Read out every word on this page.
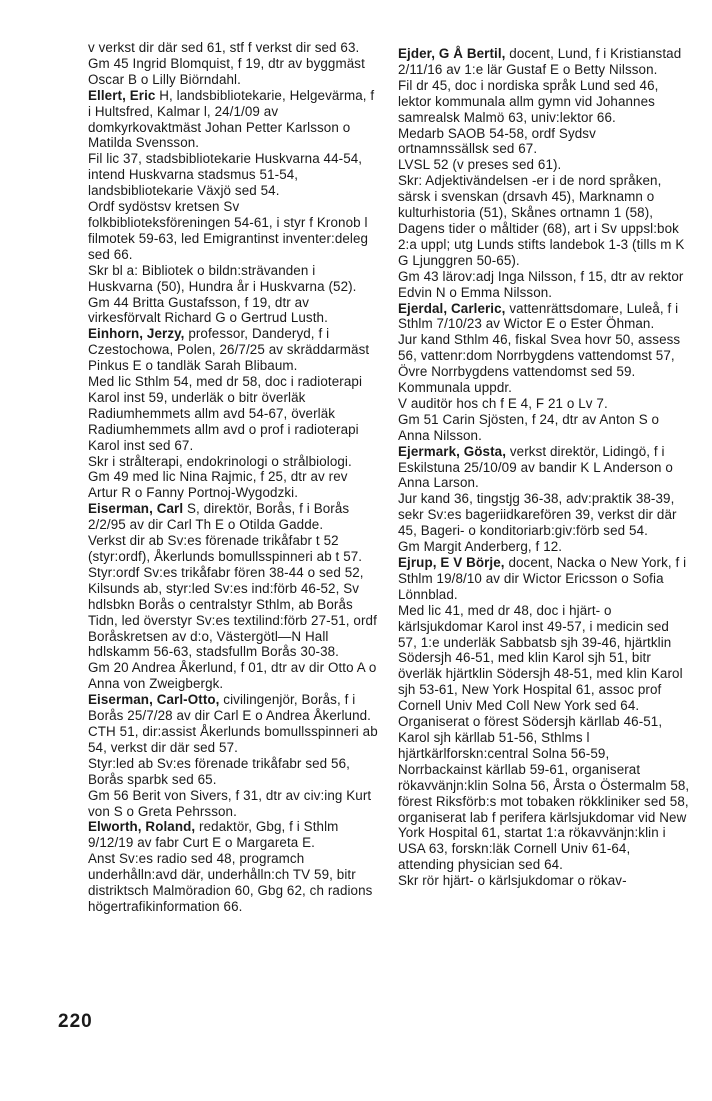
v verkst dir där sed 61, stf f verkst dir sed 63.
Gm 45 Ingrid Blomquist, f 19, dtr av byggmäst Oscar B o Lilly Biörndahl.
Ellert, Eric H, landsbibliotekarie, Helgevärma, f i Hultsfred, Kalmar l, 24/1/09 av domkyrkovaktmäst Johan Petter Karlsson o Matilda Svensson.
Fil lic 37, stadsbibliotekarie Huskvarna 44-54, intend Huskvarna stadsmus 51-54, landsbibliotekarie Växjö sed 54.
Ordf sydöstsv kretsen Sv folkbiblioteksföreningen 54-61, i styr f Kronob l filmotek 59-63, led Emigrantinst inventer:deleg sed 66.
Skr bl a: Bibliotek o bildn:strävanden i Huskvarna (50), Hundra år i Huskvarna (52).
Gm 44 Britta Gustafsson, f 19, dtr av virkesförvalt Richard G o Gertrud Lusth.
Einhorn, Jerzy, professor, Danderyd, f i Czestochowa, Polen, 26/7/25 av skräddarmäst Pinkus E o tandläk Sarah Blibaum.
Med lic Sthlm 54, med dr 58, doc i radioterapi Karol inst 59, underläk o bitr överläk Radiumhemmets allm avd 54-67, överläk Radiumhemmets allm avd o prof i radioterapi Karol inst sed 67.
Skr i strålterapi, endokrinologi o strålbiologi.
Gm 49 med lic Nina Rajmic, f 25, dtr av rev Artur R o Fanny Portnoj-Wygodzki.
Eiserman, Carl S, direktör, Borås, f i Borås 2/2/95 av dir Carl Th E o Otilda Gadde.
Verkst dir ab Sv:es förenade trikåfabr t 52 (styr:ordf), Åkerlunds bomullsspinneri ab t 57.
Styr:ordf Sv:es trikåfabr fören 38-44 o sed 52, Kilsunds ab, styr:led Sv:es ind:förb 46-52, Sv hdlsbkn Borås o centralstyr Sthlm, ab Borås Tidn, led överstyr Sv:es textilind:förb 27-51, ordf Boråskretsen av d:o, Västergötl—N Hall hdlskamm 56-63, stadsfullm Borås 30-38.
Gm 20 Andrea Åkerlund, f 01, dtr av dir Otto A o Anna von Zweigbergk.
Eiserman, Carl-Otto, civilingenjör, Borås, f i Borås 25/7/28 av dir Carl E o Andrea Åkerlund.
CTH 51, dir:assist Åkerlunds bomullsspinneri ab 54, verkst dir där sed 57.
Styr:led ab Sv:es förenade trikåfabr sed 56, Borås sparbk sed 65.
Gm 56 Berit von Sivers, f 31, dtr av civ:ing Kurt von S o Greta Pehrsson.
Elworth, Roland, redaktör, Gbg, f i Sthlm 9/12/19 av fabr Curt E o Margareta E.
Anst Sv:es radio sed 48, programch underhålln:avd där, underhålln:ch TV 59, bitr distriktsch Malmöradion 60, Gbg 62, ch radions högertrafikinformation 66.
Ejder, G Å Bertil, docent, Lund, f i Kristianstad 2/11/16 av 1:e lär Gustaf E o Betty Nilsson.
Fil dr 45, doc i nordiska språk Lund sed 46, lektor kommunala allm gymn vid Johannes samrealsk Malmö 63, univ:lektor 66.
Medarb SAOB 54-58, ordf Sydsv ortnamnssällsk sed 67.
LVSL 52 (v preses sed 61).
Skr: Adjektivändelsen -er i de nord språken, särsk i svenskan (drsavh 45), Marknamn o kulturhistoria (51), Skånes ortnamn 1 (58), Dagens tider o måltider (68), art i Sv uppsl:bok 2:a uppl; utg Lunds stifts landebok 1-3 (tills m K G Ljunggren 50-65).
Gm 43 lärov:adj Inga Nilsson, f 15, dtr av rektor Edvin N o Emma Nilsson.
Ejerdal, Carleric, vattenrättsdomare, Luleå, f i Sthlm 7/10/23 av Wictor E o Ester Öhman.
Jur kand Sthlm 46, fiskal Svea hovr 50, assess 56, vattenr:dom Norrbygdens vattendomst 57, Övre Norrbygdens vattendomst sed 59.
Kommunala uppdr.
V auditör hos ch f E 4, F 21 o Lv 7.
Gm 51 Carin Sjösten, f 24, dtr av Anton S o Anna Nilsson.
Ejermark, Gösta, verkst direktör, Lidingö, f i Eskilstuna 25/10/09 av bandir K L Anderson o Anna Larson.
Jur kand 36, tingstjg 36-38, adv:praktik 38-39, sekr Sv:es bageriidkarefören 39, verkst dir där 45, Bageri- o konditoriarb:giv:förb sed 54.
Gm Margit Anderberg, f 12.
Ejrup, E V Börje, docent, Nacka o New York, f i Sthlm 19/8/10 av dir Wictor Ericsson o Sofia Lönnblad.
Med lic 41, med dr 48, doc i hjärt- o kärlsjukdomar Karol inst 49-57, i medicin sed 57, 1:e underläk Sabbatsb sjh 39-46, hjärtklin Södersjh 46-51, med klin Karol sjh 51, bitr överläk hjärtklin Södersjh 48-51, med klin Karol sjh 53-61, New York Hospital 61, assoc prof Cornell Univ Med Coll New York sed 64.
Organiserat o förest Södersjh kärllab 46-51, Karol sjh kärllab 51-56, Sthlms l hjärtkärlforskn:central Solna 56-59, Norrbackainst kärllab 59-61, organiserat rökavvänjn:klin Solna 56, Årsta o Östermalm 58, förest Riksförb:s mot tobaken rökkliniker sed 58, organiserat lab f perifera kärlsjukdomar vid New York Hospital 61, startat 1:a rökavvänjn:klin i USA 63, forskn:läk Cornell Univ 61-64, attending physician sed 64.
Skr rör hjärt- o kärlsjukdomar o rökav-
220
